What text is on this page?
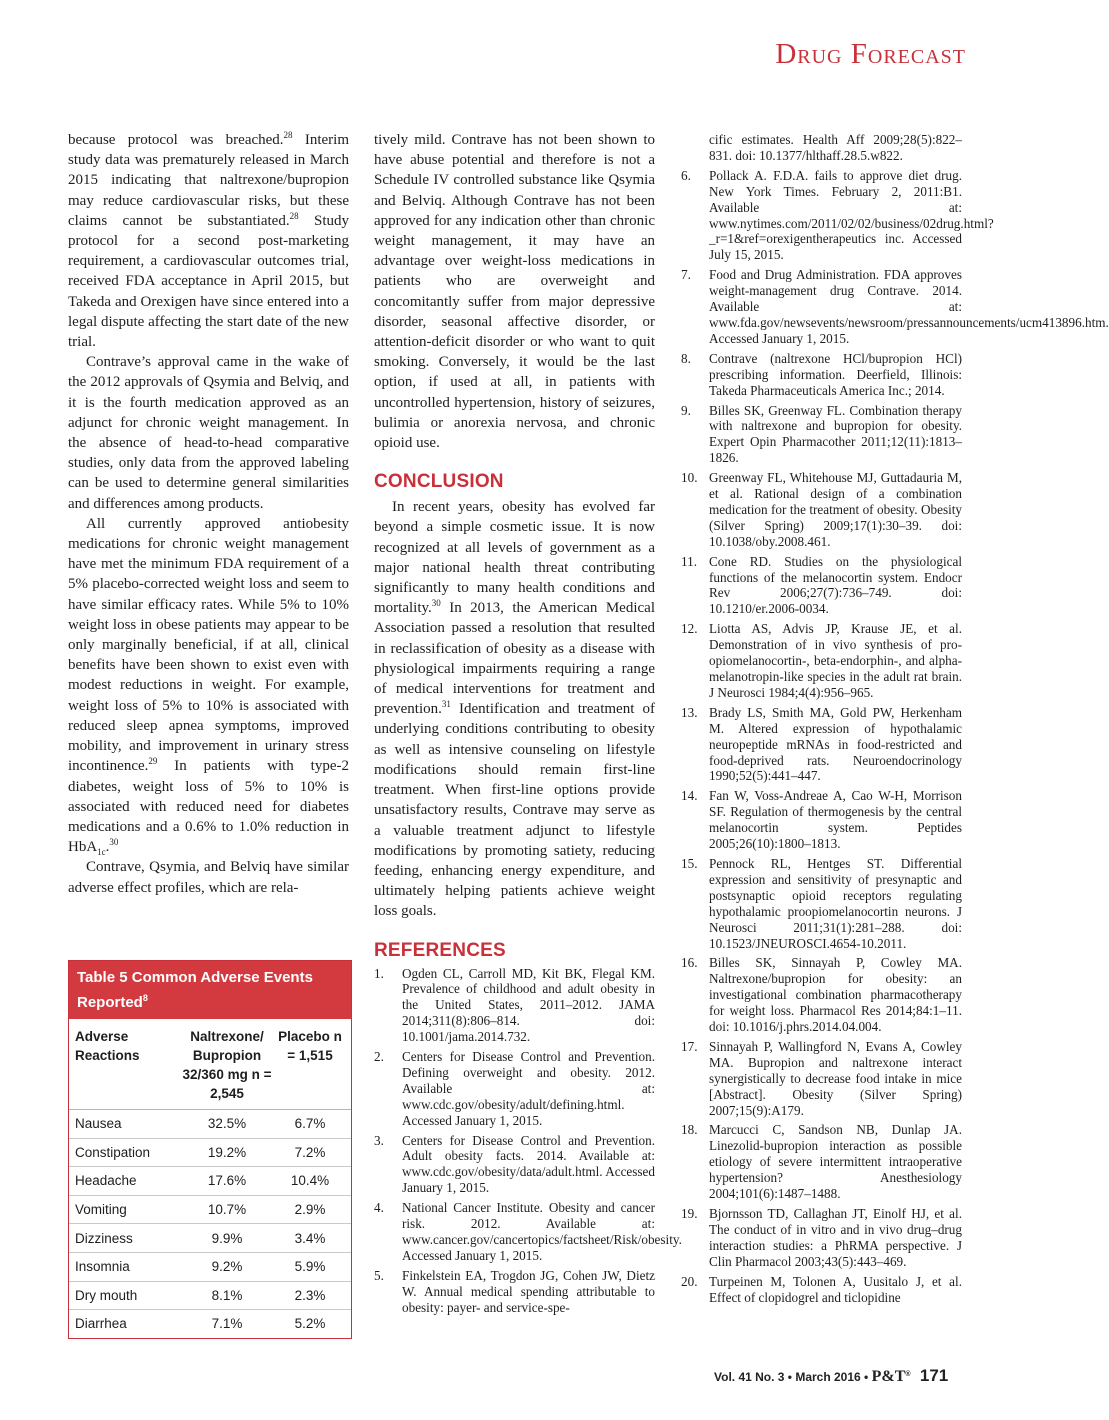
Drug Forecast

because protocol was breached.$^{28}$ Interim study data was prematurely released in March 2015 indicating that naltrexone/bupropion may reduce cardiovascular risks, but these claims cannot be substantiated.$^{28}$ Study protocol for a second post-marketing requirement, a cardiovascular outcomes trial, received FDA acceptance in April 2015, but Takeda and Orexigen have since entered into a legal dispute affecting the start date of the new trial.

Contrave’s approval came in the wake of the 2012 approvals of Qsymia and Belviq, and it is the fourth medication approved as an adjunct for chronic weight management. In the absence of head-to-head comparative studies, only data from the approved labeling can be used to determine general similarities and differences among products.

All currently approved antiobesity medications for chronic weight management have met the minimum FDA requirement of a 5% placebo-corrected weight loss and seem to have similar efficacy rates. While 5% to 10% weight loss in obese patients may appear to be only marginally beneficial, if at all, clinical benefits have been shown to exist even with modest reductions in weight. For example, weight loss of 5% to 10% is associated with reduced sleep apnea symptoms, improved mobility, and improvement in urinary stress incontinence.$^{29}$ In patients with type-2 diabetes, weight loss of 5% to 10% is associated with reduced need for diabetes medications and a 0.6% to 1.0% reduction in HbA$_{1c}$.$^{30}$

Contrave, Qsymia, and Belviq have similar adverse effect profiles, which are rela-

Table 5 Common Adverse Events Reported$^8$
Adverse Reactions
Naltrexone/ Bupropion 32/360 mg n = 2,545
Placebo n = 1,515
Nausea	32.5%	6.7%
Constipation	19.2%	7.2%
Headache	17.6%	10.4%
Vomiting	10.7%	2.9%
Dizziness	9.9%	3.4%
Insomnia	9.2%	5.9%
Dry mouth	8.1%	2.3%
Diarrhea	7.1%	5.2%

tively mild. Contrave has not been shown to have abuse potential and therefore is not a Schedule IV controlled substance like Qsymia and Belviq. Although Contrave has not been approved for any indication other than chronic weight management, it may have an advantage over weight-loss medications in patients who are overweight and concomitantly suffer from major depressive disorder, seasonal affective disorder, or attention-deficit disorder or who want to quit smoking. Conversely, it would be the last option, if used at all, in patients with uncontrolled hypertension, history of seizures, bulimia or anorexia nervosa, and chronic opioid use.

CONCLUSION

In recent years, obesity has evolved far beyond a simple cosmetic issue. It is now recognized at all levels of government as a major national health threat contributing significantly to many health conditions and mortality.$^{30}$ In 2013, the American Medical Association passed a resolution that resulted in reclassification of obesity as a disease with physiological impairments requiring a range of medical interventions for treatment and prevention.$^{31}$ Identification and treatment of underlying conditions contributing to obesity as well as intensive counseling on lifestyle modifications should remain first-line treatment. When first-line options provide unsatisfactory results, Contrave may serve as a valuable treatment adjunct to lifestyle modifications by promoting satiety, reducing feeding, enhancing energy expenditure, and ultimately helping patients achieve weight loss goals.

REFERENCES
1.	Ogden CL, Carroll MD, Kit BK, Flegal KM. Prevalence of childhood and adult obesity in the United States, 2011–2012. JAMA 2014;311(8):806–814. doi: 10.1001/jama.2014.732.
2.	Centers for Disease Control and Prevention. Defining overweight and obesity. 2012. Available at: www.cdc.gov/obesity/adult/defining.html. Accessed January 1, 2015.
3.	Centers for Disease Control and Prevention. Adult obesity facts. 2014. Available at: www.cdc.gov/obesity/data/adult.html. Accessed January 1, 2015.
4.	National Cancer Institute. Obesity and cancer risk. 2012. Available at: www.cancer.gov/cancertopics/factsheet/Risk/obesity. Accessed January 1, 2015.
5.	Finkelstein EA, Trogdon JG, Cohen JW, Dietz W. Annual medical spending attributable to obesity: payer- and service-spe-

cific estimates. Health Aff 2009;28(5):822–831. doi: 10.1377/hlthaff.28.5.w822.

6.	Pollack A. F.D.A. fails to approve diet drug. New York Times. February 2, 2011:B1. Available at: www.nytimes.com/2011/02/02/business/02drug.html?_r=1&ref=orexigentherapeutics inc. Accessed July 15, 2015.
7.	Food and Drug Administration. FDA approves weight-management drug Contrave. 2014. Available at: www.fda.gov/newsevents/newsroom/pressannouncements/ucm413896.htm. Accessed January 1, 2015.
8.	Contrave (naltrexone HCl/bupropion HCl) prescribing information. Deerfield, Illinois: Takeda Pharmaceuticals America Inc.; 2014.
9.	Billes SK, Greenway FL. Combination therapy with naltrexone and bupropion for obesity. Expert Opin Pharmacother 2011;12(11):1813–1826.
10. Greenway FL, Whitehouse MJ, Guttadauria M, et al. Rational design of a combination medication for the treatment of obesity. Obesity (Silver Spring) 2009;17(1):30–39. doi: 10.1038/oby.2008.461.
11. Cone RD. Studies on the physiological functions of the melanocortin system. Endocr Rev 2006;27(7):736–749. doi: 10.1210/er.2006-0034.
12. Liotta AS, Advis JP, Krause JE, et al. Demonstration of in vivo synthesis of pro-opiomelanocortin-, beta-endorphin-, and alpha-melanotropin-like species in the adult rat brain. J Neurosci 1984;4(4):956–965.
13. Brady LS, Smith MA, Gold PW, Herkenham M. Altered expression of hypothalamic neuropeptide mRNAs in food-restricted and food-deprived rats. Neuroendocrinology 1990;52(5):441–447.
14. Fan W, Voss-Andreae A, Cao W-H, Morrison SF. Regulation of thermogenesis by the central melanocortin system. Peptides 2005;26(10):1800–1813.
15. Pennock RL, Hentges ST. Differential expression and sensitivity of presynaptic and postsynaptic opioid receptors regulating hypothalamic proopiomelanocortin neurons. J Neurosci 2011;31(1):281–288. doi: 10.1523/JNEUROSCI.4654-10.2011.
16. Billes SK, Sinnayah P, Cowley MA. Naltrexone/bupropion for obesity: an investigational combination pharmacotherapy for weight loss. Pharmacol Res 2014;84:1–11. doi: 10.1016/j.phrs.2014.04.004.
17. Sinnayah P, Wallingford N, Evans A, Cowley MA. Bupropion and naltrexone interact synergistically to decrease food intake in mice [Abstract]. Obesity (Silver Spring) 2007;15(9):A179.
18. Marcucci C, Sandson NB, Dunlap JA. Linezolid-bupropion interaction as possible etiology of severe intermittent intraoperative hypertension? Anesthesiology 2004;101(6):1487–1488.
19. Bjornsson TD, Callaghan JT, Einolf HJ, et al. The conduct of in vitro and in vivo drug–drug interaction studies: a PhRMA perspective. J Clin Pharmacol 2003;43(5):443–469.
20. Turpeinen M, Tolonen A, Uusitalo J, et al. Effect of clopidogrel and ticlopidine
Vol. 41 No. 3 • March 2016 • P&T® 171
